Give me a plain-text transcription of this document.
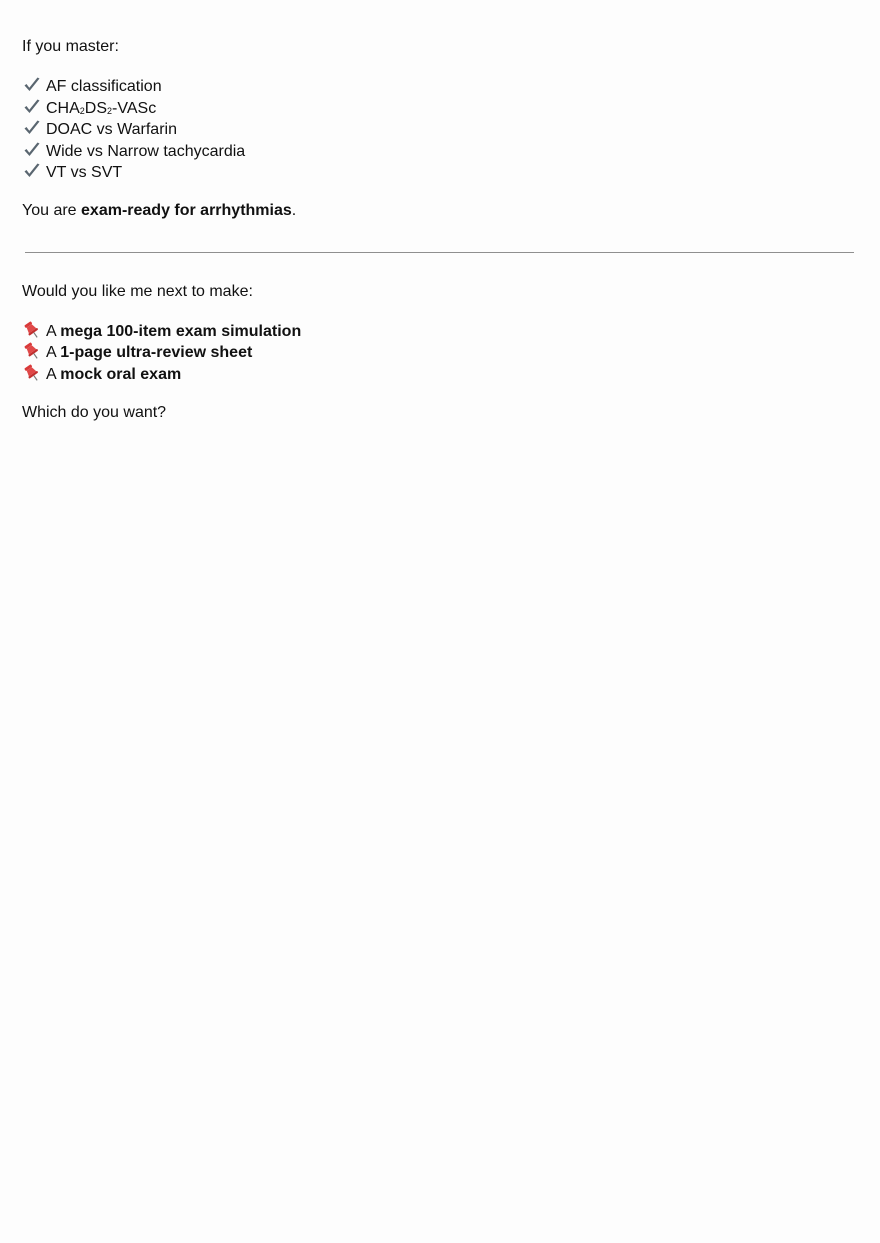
If you master:
AF classification
$CHA_2DS_2$-VASc
DOAC vs Warfarin
Wide vs Narrow tachycardia
VT vs SVT
You are exam-ready for arrhythmias.
Would you like me next to make:
A mega 100-item exam simulation
A 1-page ultra-review sheet
A mock oral exam
Which do you want?
